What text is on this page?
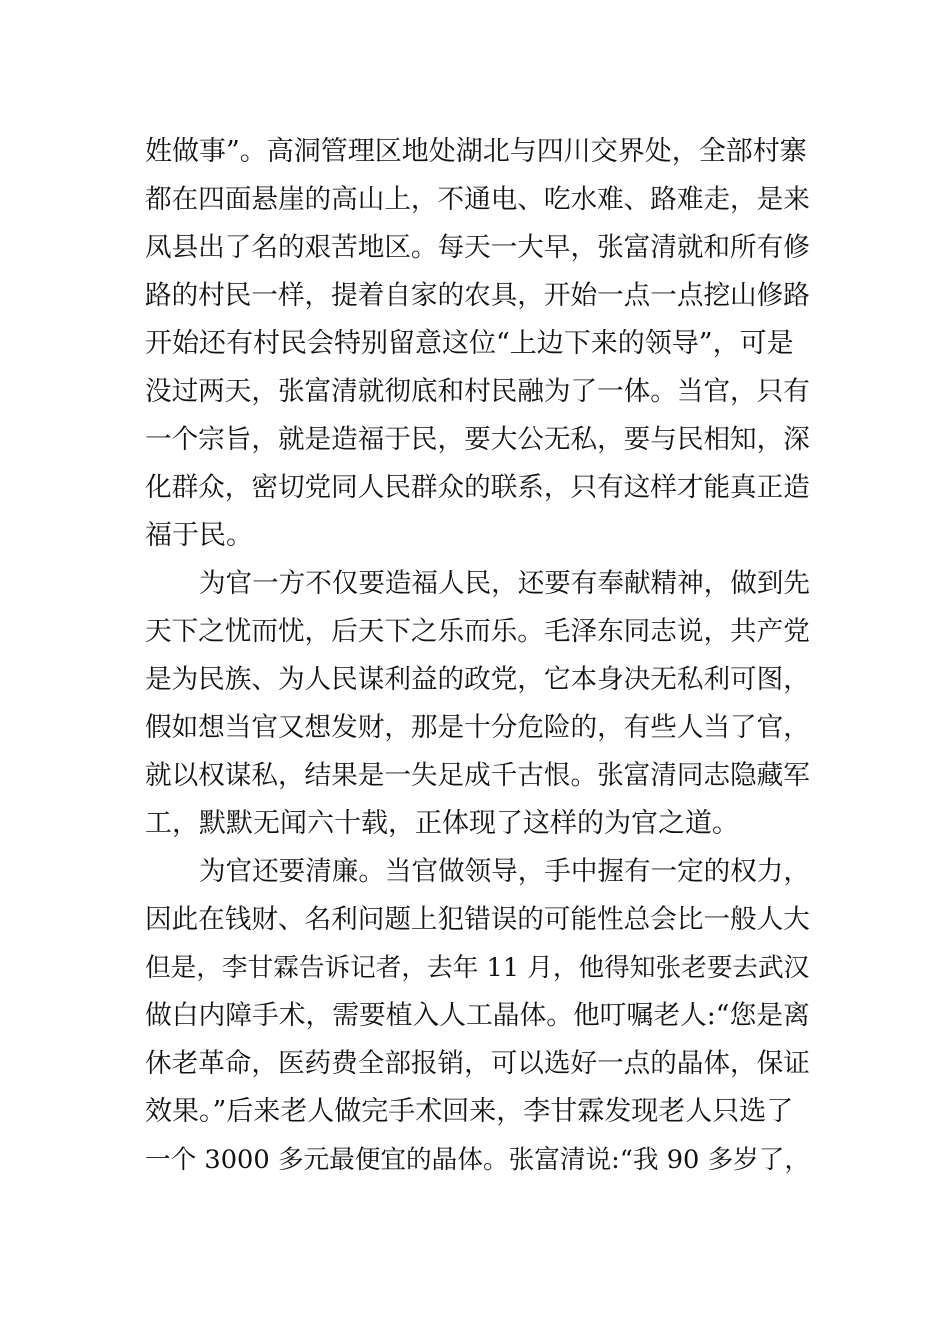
姓做事”。高洞管理区地处湖北与四川交界处，全部村寨
都在四面悬崖的高山上，不通电、吃水难、路难走，是来
凤县出了名的艰苦地区。每天一大早，张富清就和所有修
路的村民一样，提着自家的农具，开始一点一点挖山修路
开始还有村民会特别留意这位“上边下来的领导”，可是
没过两天，张富清就彻底和村民融为了一体。当官，只有
一个宗旨，就是造福于民，要大公无私，要与民相知，深
化群众，密切党同人民群众的联系，只有这样才能真正造
福于民。
为官一方不仅要造福人民，还要有奉献精神，做到先
天下之忧而忧，后天下之乐而乐。毛泽东同志说，共产党
是为民族、为人民谋利益的政党，它本身决无私利可图，
假如想当官又想发财，那是十分危险的，有些人当了官，
就以权谋私，结果是一失足成千古恨。张富清同志隐藏军
工，默默无闻六十载，正体现了这样的为官之道。
为官还要清廉。当官做领导，手中握有一定的权力，
因此在钱财、名利问题上犯错误的可能性总会比一般人大
但是，李甘霖告诉记者，去年 11 月，他得知张老要去武汉
做白内障手术，需要植入人工晶体。他叮嘱老人:“您是离
休老革命，医药费全部报销，可以选好一点的晶体，保证
效果。”后来老人做完手术回来，李甘霖发现老人只选了
一个 3000 多元最便宜的晶体。张富清说:“我 90 多岁了，
